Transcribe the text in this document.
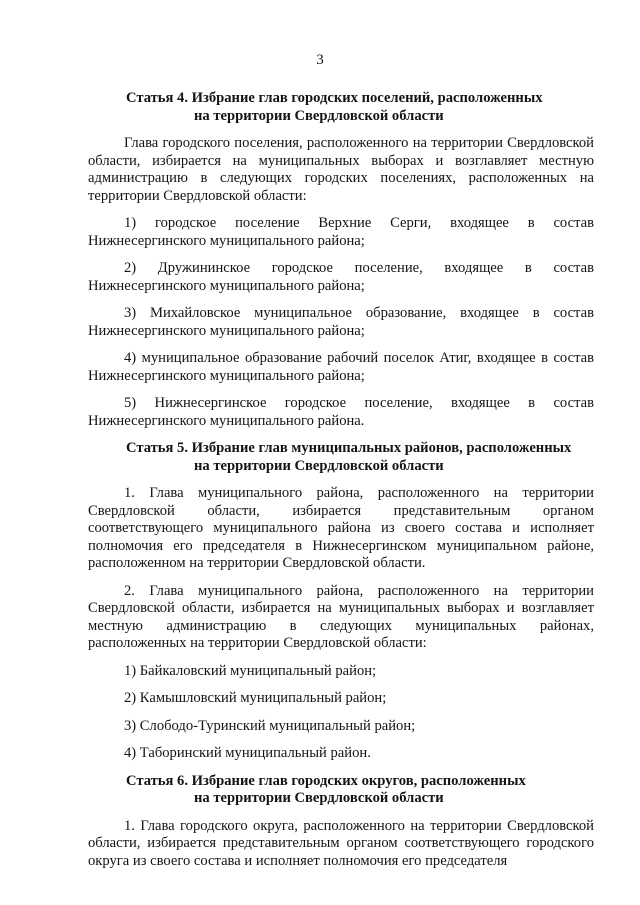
3
Статья 4. Избрание глав городских поселений, расположенных
на территории Свердловской области

Глава городского поселения, расположенного на территории Свердловской области, избирается на муниципальных выборах и возглавляет местную администрацию в следующих городских поселениях, расположенных на территории Свердловской области:

1) городское поселение Верхние Серги, входящее в состав Нижнесергинского муниципального района;

2) Дружининское городское поселение, входящее в состав Нижнесергинского муниципального района;

3) Михайловское муниципальное образование, входящее в состав Нижнесергинского муниципального района;

4) муниципальное образование рабочий поселок Атиг, входящее в состав Нижнесергинского муниципального района;

5) Нижнесергинское городское поселение, входящее в состав Нижнесергинского муниципального района.

Статья 5. Избрание глав муниципальных районов, расположенных
на территории Свердловской области

1. Глава муниципального района, расположенного на территории Свердловской области, избирается представительным органом соответствующего муниципального района из своего состава и исполняет полномочия его председателя в Нижнесергинском муниципальном районе, расположенном на территории Свердловской области.

2. Глава муниципального района, расположенного на территории Свердловской области, избирается на муниципальных выборах и возглавляет местную администрацию в следующих муниципальных районах, расположенных на территории Свердловской области:

1) Байкаловский муниципальный район;

2) Камышловский муниципальный район;

3) Слободо-Туринский муниципальный район;

4) Таборинский муниципальный район.

Статья 6. Избрание глав городских округов, расположенных
на территории Свердловской области

1. Глава городского округа, расположенного на территории Свердловской области, избирается представительным органом соответствующего городского округа из своего состава и исполняет полномочия его председателя
